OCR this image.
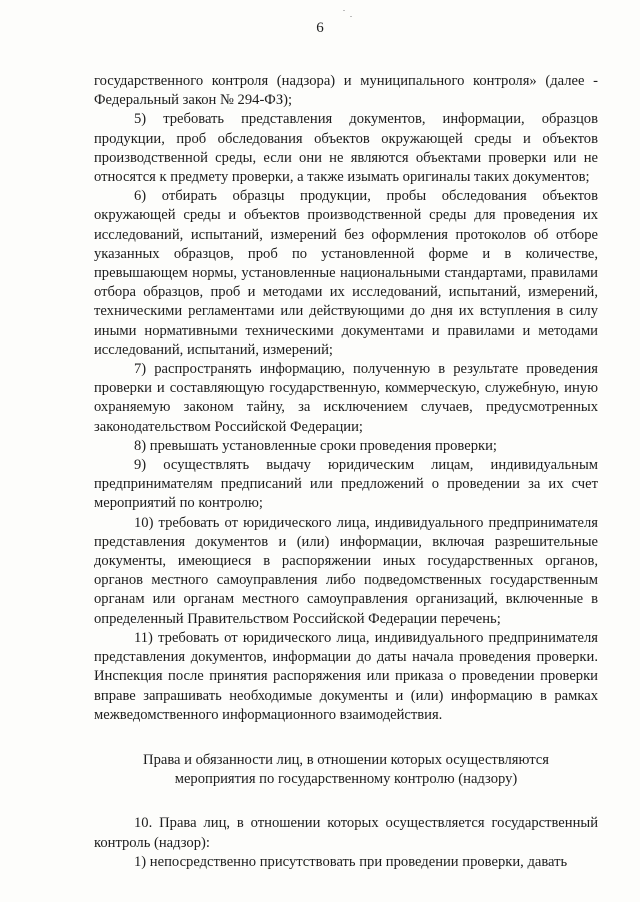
6

государственного контроля (надзора) и муниципального контроля» (далее - Федеральный закон № 294-ФЗ);

5) требовать представления документов, информации, образцов продукции, проб обследования объектов окружающей среды и объектов производственной среды, если они не являются объектами проверки или не относятся к предмету проверки, а также изымать оригиналы таких документов;

6) отбирать образцы продукции, пробы обследования объектов окружающей среды и объектов производственной среды для проведения их исследований, испытаний, измерений без оформления протоколов об отборе указанных образцов, проб по установленной форме и в количестве, превышающем нормы, установленные национальными стандартами, правилами отбора образцов, проб и методами их исследований, испытаний, измерений, техническими регламентами или действующими до дня их вступления в силу иными нормативными техническими документами и правилами и методами исследований, испытаний, измерений;

7) распространять информацию, полученную в результате проведения проверки и составляющую государственную, коммерческую, служебную, иную охраняемую законом тайну, за исключением случаев, предусмотренных законодательством Российской Федерации;

8) превышать установленные сроки проведения проверки;

9) осуществлять выдачу юридическим лицам, индивидуальным предпринимателям предписаний или предложений о проведении за их счет мероприятий по контролю;

10) требовать от юридического лица, индивидуального предпринимателя представления документов и (или) информации, включая разрешительные документы, имеющиеся в распоряжении иных государственных органов, органов местного самоуправления либо подведомственных государственным органам или органам местного самоуправления организаций, включенные в определенный Правительством Российской Федерации перечень;

11) требовать от юридического лица, индивидуального предпринимателя представления документов, информации до даты начала проведения проверки. Инспекция после принятия распоряжения или приказа о проведении проверки вправе запрашивать необходимые документы и (или) информацию в рамках межведомственного информационного взаимодействия.

Права и обязанности лиц, в отношении которых осуществляются
мероприятия по государственному контролю (надзору)

10. Права лиц, в отношении которых осуществляется государственный контроль (надзор):

1) непосредственно присутствовать при проведении проверки, давать
